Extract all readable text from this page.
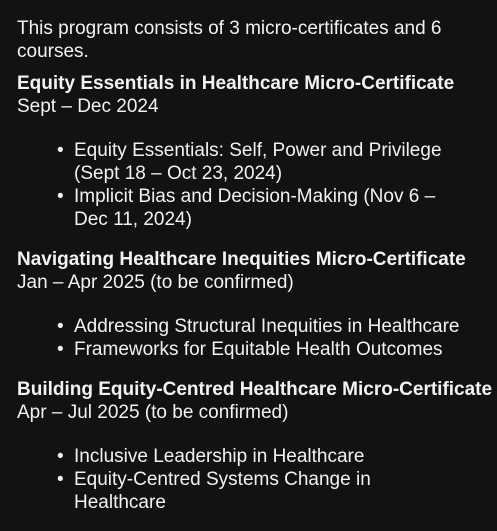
This program consists of 3 micro-certificates and 6 courses.

Equity Essentials in Healthcare Micro-Certificate

Sept – Dec 2024

• Equity Essentials: Self, Power and Privilege (Sept 18 – Oct 23, 2024)
• Implicit Bias and Decision-Making (Nov 6 – Dec 11, 2024)

Navigating Healthcare Inequities Micro-Certificate

Jan – Apr 2025 (to be confirmed)

• Addressing Structural Inequities in Healthcare
• Frameworks for Equitable Health Outcomes

Building Equity-Centred Healthcare Micro-Certificate

Apr – Jul 2025 (to be confirmed)

• Inclusive Leadership in Healthcare
• Equity-Centred Systems Change in Healthcare
